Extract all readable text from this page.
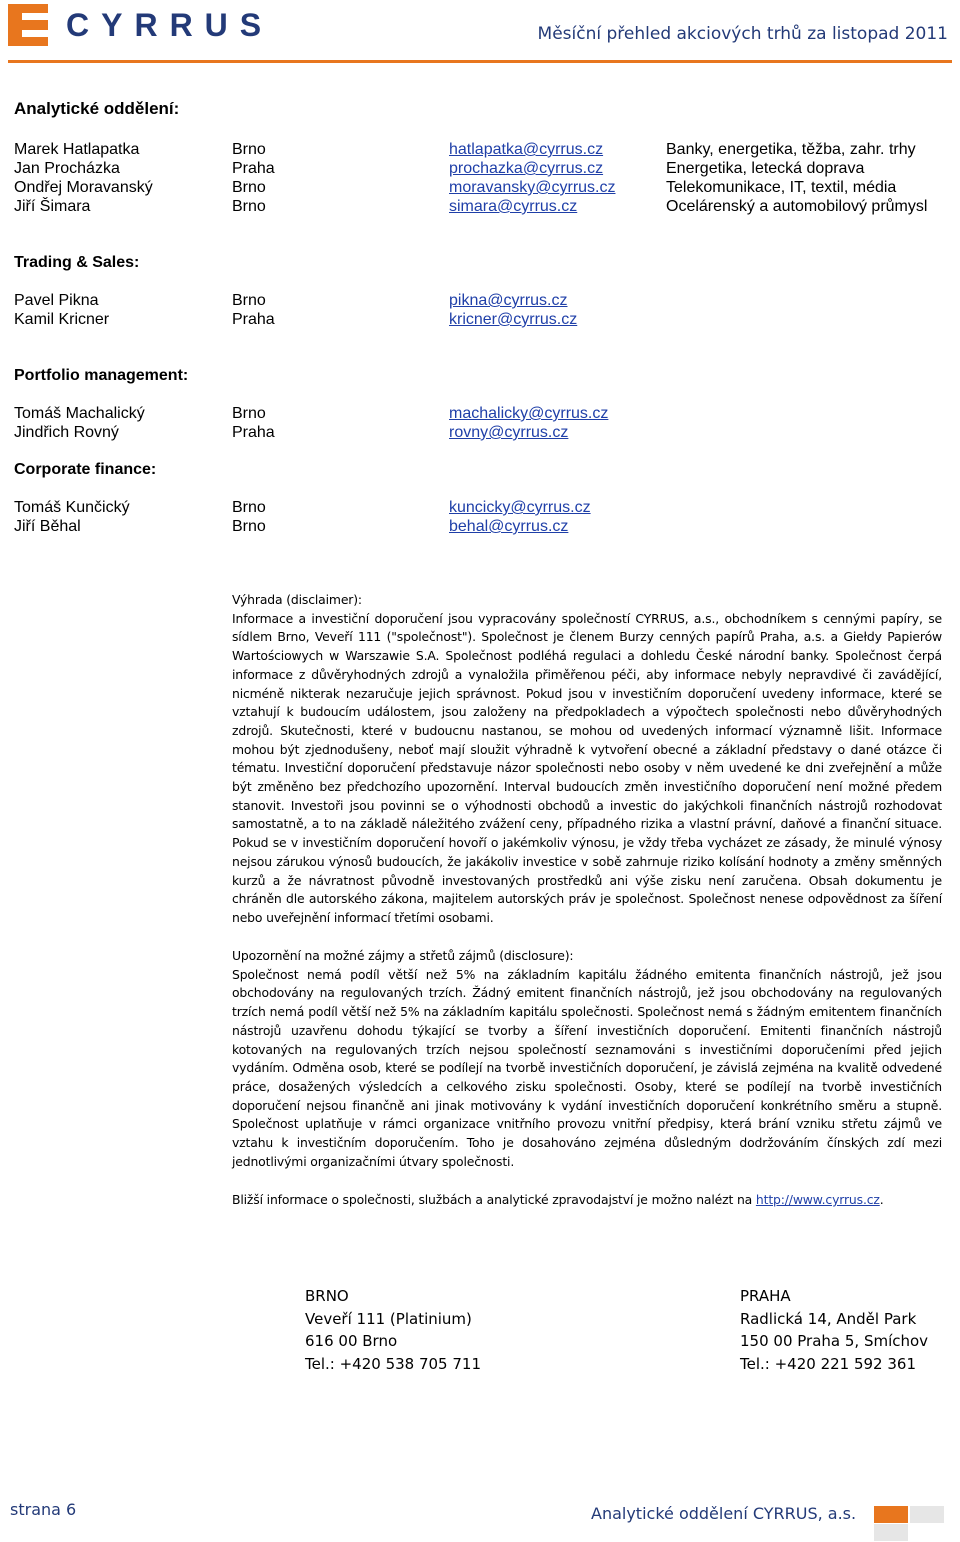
CYRRUS	Měsíční přehled akciových trhů za listopad 2011
Analytické oddělení:
Marek Hatlapatka	Brno	hatlapatka@cyrrus.cz	Banky, energetika, těžba, zahr. trhy
Jan Procházka	Praha	prochazka@cyrrus.cz	Energetika, letecká doprava
Ondřej Moravanský	Brno	moravansky@cyrrus.cz	Telekomunikace, IT, textil, média
Jiří Šimara	Brno	simara@cyrrus.cz	Ocelárenský a automobilový průmysl
Trading & Sales:
Pavel Pikna	Brno	pikna@cyrrus.cz
Kamil Kricner	Praha	kricner@cyrrus.cz
Portfolio management:
Tomáš Machalický	Brno	machalicky@cyrrus.cz
Jindřich Rovný	Praha	rovny@cyrrus.cz
Corporate finance:
Tomáš Kunčický	Brno	kuncicky@cyrrus.cz
Jiří Běhal	Brno	behal@cyrrus.cz
Výhrada (disclaimer):
Informace a investiční doporučení jsou vypracovány společností CYRRUS, a.s., obchodníkem s cennými papíry, se sídlem Brno, Veveří 111 ("společnost"). Společnost je členem Burzy cenných papírů Praha, a.s. a Giełdy Papierów Wartościowych w Warszawie S.A. Společnost podléhá regulaci a dohledu České národní banky. Společnost čerpá informace z důvěryhodných zdrojů a vynaložila přiměřenou péči, aby informace nebyly nepravdivé či zavádějící, nicméně nikterak nezaručuje jejich správnost. Pokud jsou v investičním doporučení uvedeny informace, které se vztahují k budoucím událostem, jsou založeny na předpokladech a výpočtech společnosti nebo důvěryhodných zdrojů. Skutečnosti, které v budoucnu nastanou, se mohou od uvedených informací významně lišit. Informace mohou být zjednodušeny, neboť mají sloužit výhradně k vytvoření obecné a základní představy o dané otázce či tématu. Investiční doporučení představuje názor společnosti nebo osoby v něm uvedené ke dni zveřejnění a může být změněno bez předchozího upozornění. Interval budoucích změn investičního doporučení není možné předem stanovit. Investoři jsou povinni se o výhodnosti obchodů a investic do jakýchkoli finančních nástrojů rozhodovat samostatně, a to na základě náležitého zvážení ceny, případného rizika a vlastní právní, daňové a finanční situace. Pokud se v investičním doporučení hovoří o jakémkoliv výnosu, je vždy třeba vycházet ze zásady, že minulé výnosy nejsou zárukou výnosů budoucích, že jakákoliv investice v sobě zahrnuje riziko kolísání hodnoty a změny směnných kurzů a že návratnost původně investovaných prostředků ani výše zisku není zaručena. Obsah dokumentu je chráněn dle autorského zákona, majitelem autorských práv je společnost. Společnost nenese odpovědnost za šíření nebo uveřejnění informací třetími osobami.
Upozornění na možné zájmy a střetů zájmů (disclosure):
Společnost nemá podíl větší než 5% na základním kapitálu žádného emitenta finančních nástrojů, jež jsou obchodovány na regulovaných trzích. Žádný emitent finančních nástrojů, jež jsou obchodovány na regulovaných trzích nemá podíl větší než 5% na základním kapitálu společnosti. Společnost nemá s žádným emitentem finančních nástrojů uzavřenu dohodu týkající se tvorby a šíření investičních doporučení. Emitenti finančních nástrojů kotovaných na regulovaných trzích nejsou společností seznamováni s investičními doporučeními před jejich vydáním. Odměna osob, které se podílejí na tvorbě investičních doporučení, je závislá zejména na kvalitě odvedené práce, dosažených výsledcích a celkového zisku společnosti. Osoby, které se podílejí na tvorbě investičních doporučení nejsou finančně ani jinak motivovány k vydání investičních doporučení konkrétního směru a stupně. Společnost uplatňuje v rámci organizace vnitřního provozu vnitřní předpisy, která brání vzniku střetu zájmů ve vztahu k investičním doporučením. Toho je dosahováno zejména důsledným dodržováním čínských zdí mezi jednotlivými organizačními útvary společnosti.
Bližší informace o společnosti, službách a analytické zpravodajství je možno nalézt na http://www.cyrrus.cz.
BRNO
Veveří 111 (Platinium)
616 00 Brno
Tel.: +420 538 705 711
PRAHA
Radlická 14, Anděl Park
150 00 Praha 5, Smíchov
Tel.: +420 221 592 361
strana 6	Analytické oddělení CYRRUS, a.s.
